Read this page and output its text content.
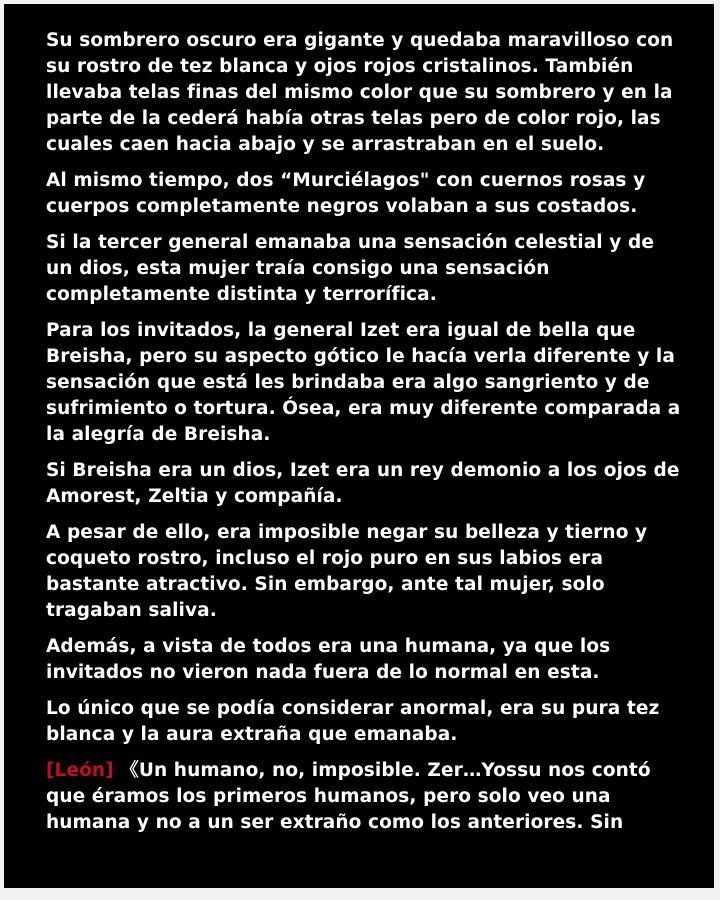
Su sombrero oscuro era gigante y quedaba maravilloso con su rostro de tez blanca y ojos rojos cristalinos. También llevaba telas finas del mismo color que su sombrero y en la parte de la cederá había otras telas pero de color rojo, las cuales caen hacia abajo y se arrastraban en el suelo.

Al mismo tiempo, dos “Murciélagos" con cuernos rosas y cuerpos completamente negros volaban a sus costados.

Si la tercer general emanaba una sensación celestial y de un dios, esta mujer traía consigo una sensación completamente distinta y terrorífica.

Para los invitados, la general Izet era igual de bella que Breisha, pero su aspecto gótico le hacía verla diferente y la sensación que está les brindaba era algo sangriento y de sufrimiento o tortura. Ósea, era muy diferente comparada a la alegría de Breisha.

Si Breisha era un dios, Izet era un rey demonio a los ojos de Amorest, Zeltia y compañía.

A pesar de ello, era imposible negar su belleza y tierno y coqueto rostro, incluso el rojo puro en sus labios era bastante atractivo. Sin embargo, ante tal mujer, solo tragaban saliva.

Además, a vista de todos era una humana, ya que los invitados no vieron nada fuera de lo normal en esta.

Lo único que se podía considerar anormal, era su pura tez blanca y la aura extraña que emanaba.

[León] 《Un humano, no, imposible. Zer…Yossu nos contó que éramos los primeros humanos, pero solo veo una humana y no a un ser extraño como los anteriores. Sin
